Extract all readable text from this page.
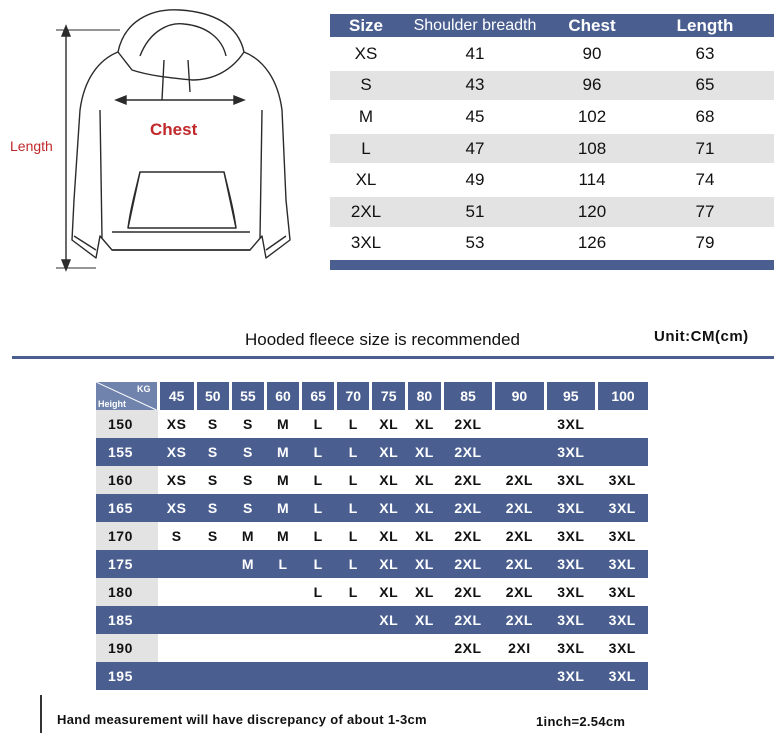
Length
Chest
Size	Shoulder breadth	Chest	Length
XS	41	90	63
S	43	96	65
M	45	102	68
L	47	108	71
XL	49	114	74
2XL	51	120	77
3XL	53	126	79

Hooded fleece size is recommended	Unit:CM(cm)
KG
Height	45	50	55	60	65	70	75	80	85	90	95	100
150	XS	S	S	M	L	L	XL	XL	2XL		3XL	
155	XS	S	S	M	L	L	XL	XL	2XL		3XL	
160	XS	S	S	M	L	L	XL	XL	2XL	2XL	3XL	3XL
165	XS	S	S	M	L	L	XL	XL	2XL	2XL	3XL	3XL
170	S	S	M	M	L	L	XL	XL	2XL	2XL	3XL	3XL
175			M	L	L	L	XL	XL	2XL	2XL	3XL	3XL
180					L	L	XL	XL	2XL	2XL	3XL	3XL
185							XL	XL	2XL	2XL	3XL	3XL
190									2XL	2XI	3XL	3XL
195											3XL	3XL
Hand measurement will have discrepancy of about 1-3cm	1inch=2.54cm
